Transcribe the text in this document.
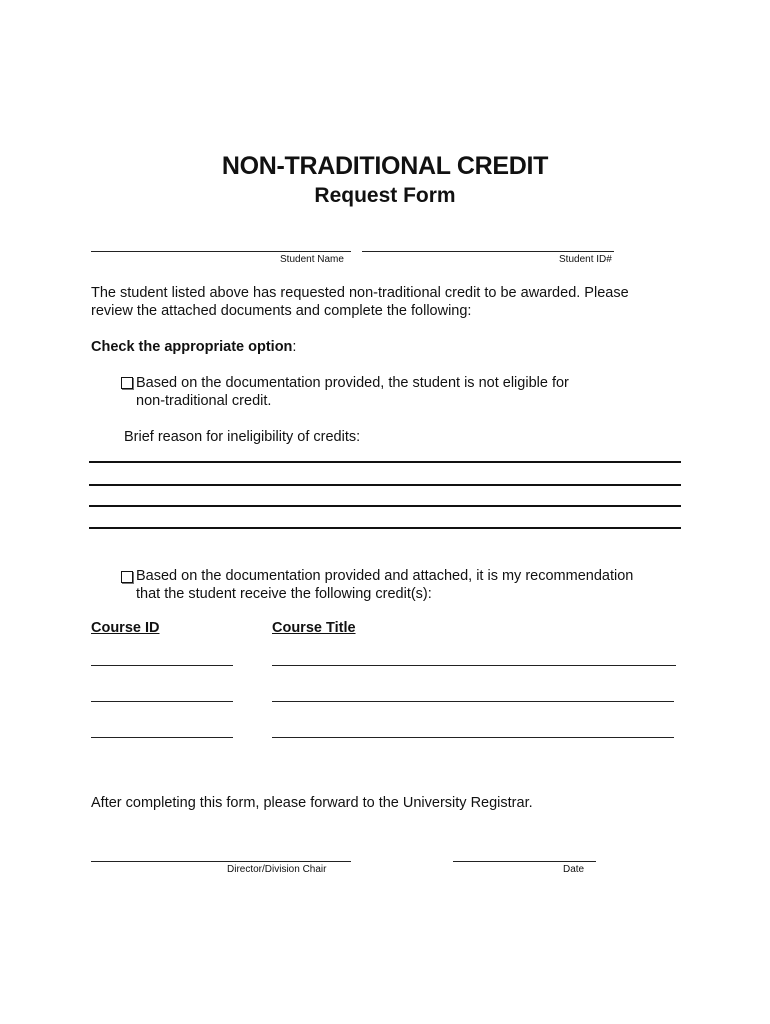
NON-TRADITIONAL CREDIT
Request Form
Student Name	Student ID#
The student listed above has requested non-traditional credit to be awarded. Please
review the attached documents and complete the following:
Check the appropriate option:
Based on the documentation provided, the student is not eligible for
non-traditional credit.
Brief reason for ineligibility of credits:
Based on the documentation provided and attached, it is my recommendation
that the student receive the following credit(s):
Course ID	Course Title
After completing this form, please forward to the University Registrar.
Director/Division Chair	Date
